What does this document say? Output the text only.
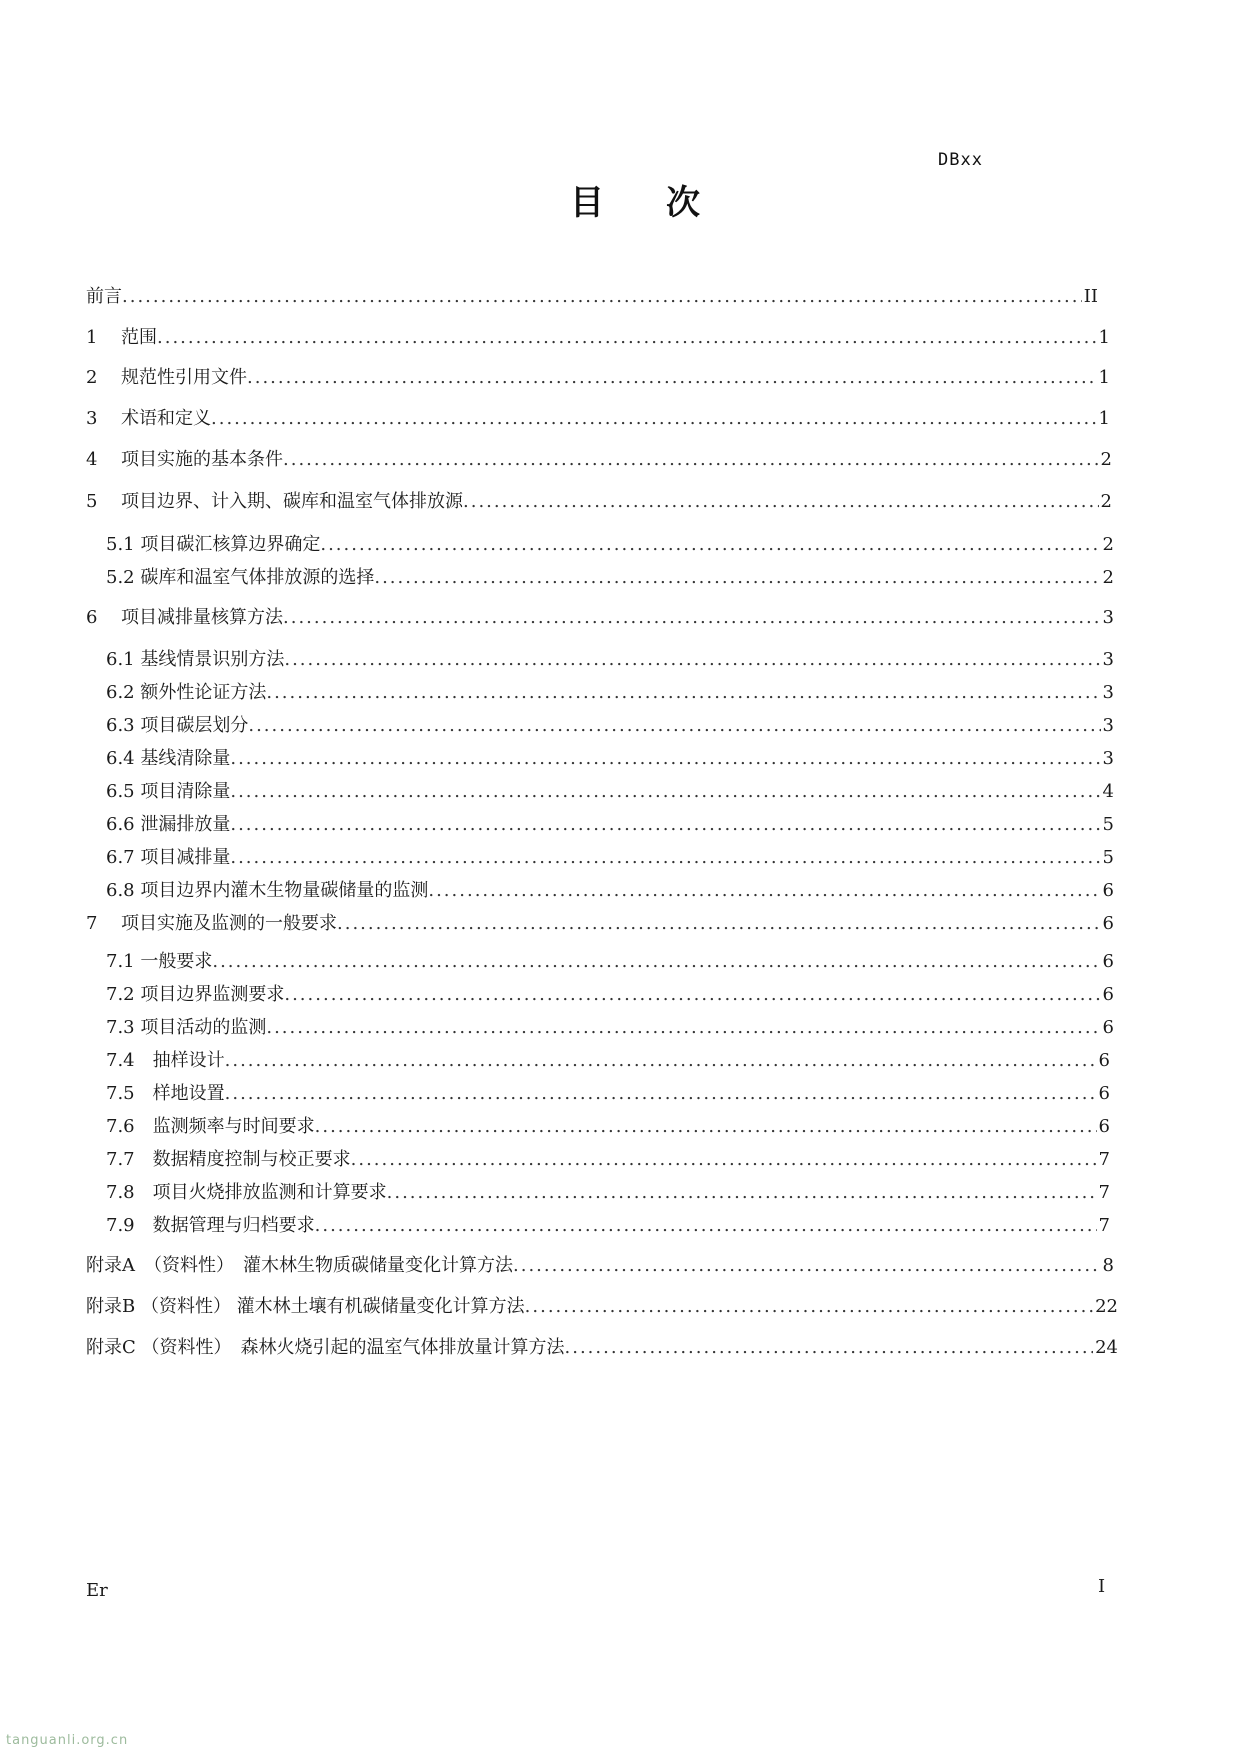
DBxx
目次
前言 .....	II
1	范围 .....	1
2	规范性引用文件 .....	1
3	术语和定义 .....	1
4	项目实施的基本条件 .....	2
5	项目边界、计入期、碳库和温室气体排放源 .....	2
5.1 项目碳汇核算边界确定 .....	2
5.2 碳库和温室气体排放源的选择 .....	2
6	项目减排量核算方法 .....	3
6.1 基线情景识别方法 .....	3
6.2 额外性论证方法 .....	3
6.3 项目碳层划分 .....	3
6.4 基线清除量 .....	3
6.5 项目清除量 .....	4
6.6 泄漏排放量 .....	5
6.7 项目减排量 .....	5
6.8 项目边界内灌木生物量碳储量的监测 .....	6
7	项目实施及监测的一般要求 .....	6
7.1 一般要求 .....	6
7.2 项目边界监测要求 .....	6
7.3 项目活动的监测 .....	6
7.4　抽样设计 .....	6
7.5　样地设置 .....	6
7.6　监测频率与时间要求 .....	6
7.7　数据精度控制与校正要求 .....	7
7.8　项目火烧排放监测和计算要求 .....	7
7.9　数据管理与归档要求 .....	7
附录A　（资料性）　灌木林生物质碳储量变化计算方法 .....	8
附录B （资料性） 灌木林土壤有机碳储量变化计算方法 .....	22
附录C （资料性）　森林火烧引起的温室气体排放量计算方法 .....	24
Er	I
tanguanli.org.cn
